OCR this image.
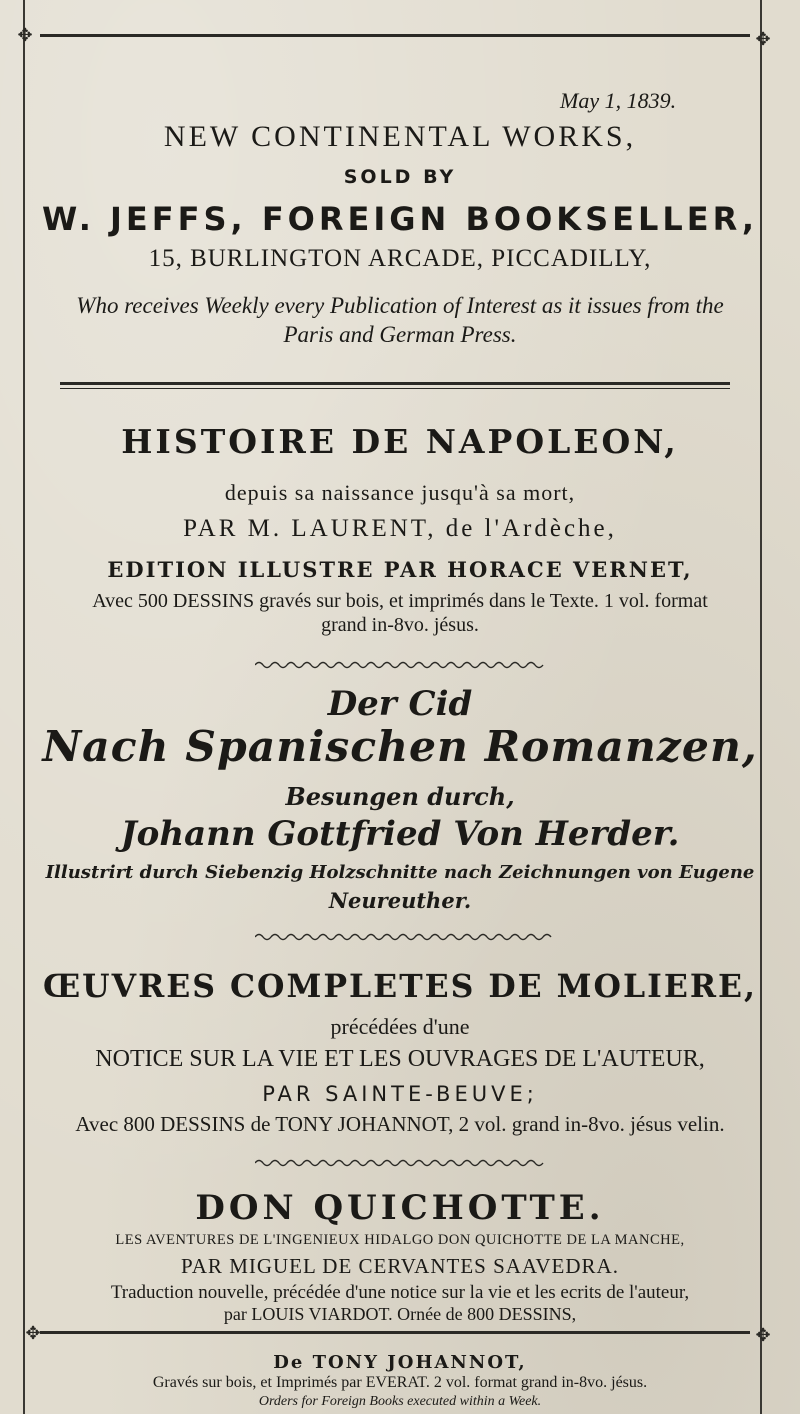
✥	✥
✥	✥
May 1, 1839.
NEW CONTINENTAL WORKS,
SOLD BY
W. JEFFS, FOREIGN BOOKSELLER,
15, BURLINGTON ARCADE, PICCADILLY,
Who receives Weekly every Publication of Interest as it issues from the
Paris and German Press.
HISTOIRE DE NAPOLEON,
depuis sa naissance jusqu'à sa mort,
PAR M. LAURENT, de l'Ardèche,
EDITION ILLUSTRE PAR HORACE VERNET,
Avec 500 DESSINS gravés sur bois, et imprimés dans le Texte. 1 vol. format
grand in-8vo. jésus.
Der Cid
Nach Spanischen Romanzen,
Besungen durch,
Johann Gottfried Von Herder.
Illustrirt durch Siebenzig Holzschnitte nach Zeichnungen von Eugene
Neureuther.
ŒUVRES COMPLETES DE MOLIERE,
précédées d'une
NOTICE SUR LA VIE ET LES OUVRAGES DE L'AUTEUR,
PAR SAINTE-BEUVE;
Avec 800 DESSINS de TONY JOHANNOT, 2 vol. grand in-8vo. jésus velin.
DON QUICHOTTE.
LES AVENTURES DE L'INGENIEUX HIDALGO DON QUICHOTTE DE LA MANCHE,
PAR MIGUEL DE CERVANTES SAAVEDRA.
Traduction nouvelle, précédée d'une notice sur la vie et les ecrits de l'auteur,
par LOUIS VIARDOT. Ornée de 800 DESSINS,
De TONY JOHANNOT,
Gravés sur bois, et Imprimés par EVERAT. 2 vol. format grand in-8vo. jésus.
Orders for Foreign Books executed within a Week.
